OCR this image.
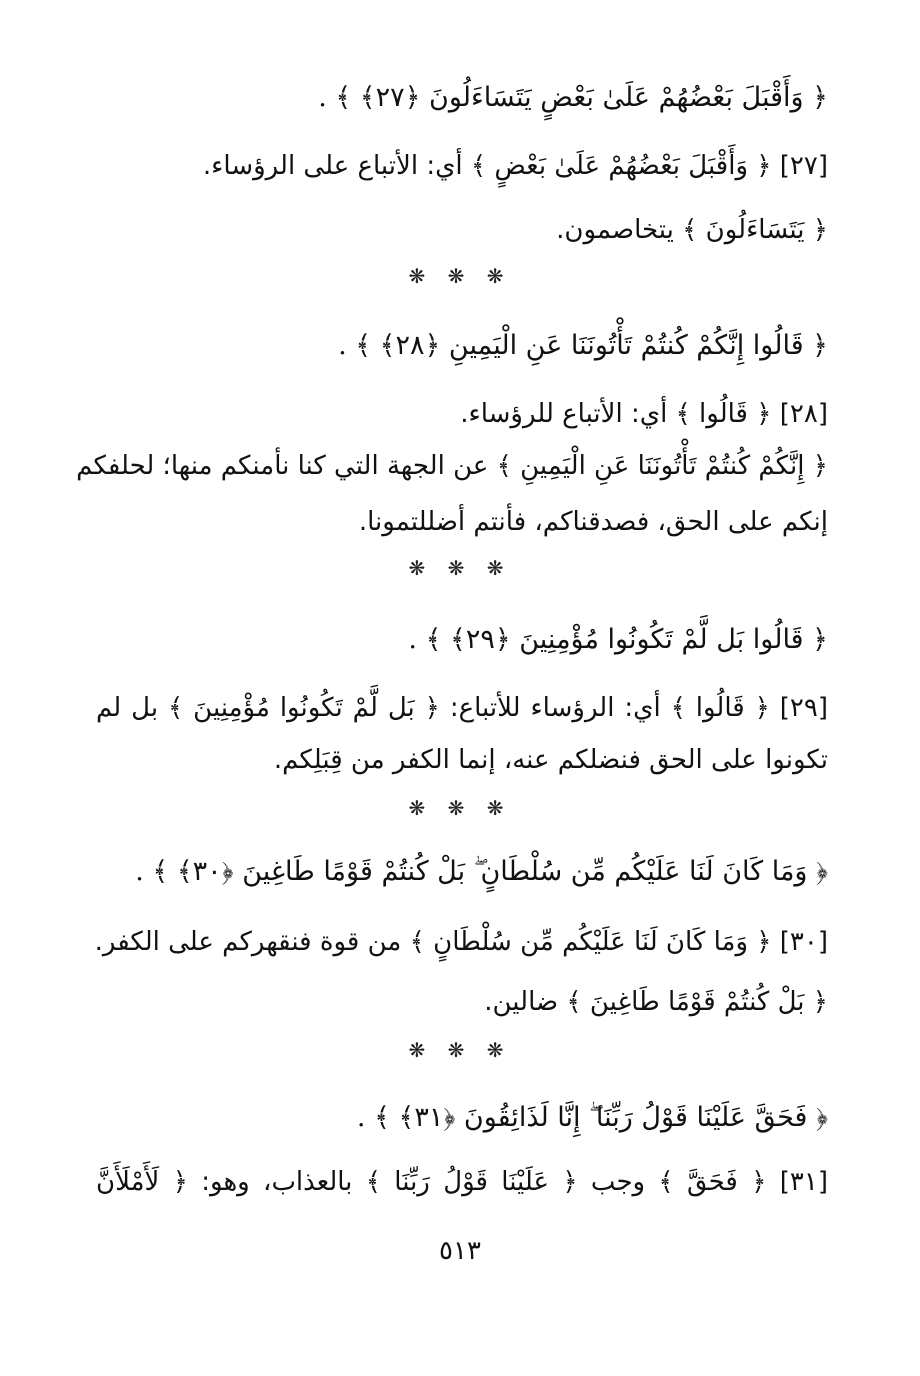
﴿ وَأَقْبَلَ بَعْضُهُمْ عَلَىٰ بَعْضٍ يَتَسَاءَلُونَ ﴿٢٧﴾ ﴾ .
[٢٧] ﴿ وَأَقْبَلَ بَعْضُهُمْ عَلَىٰ بَعْضٍ ﴾ أي: الأتباع على الرؤساء.
﴿ يَتَسَاءَلُونَ ﴾ يتخاصمون.
❋ ❋ ❋
﴿ قَالُوا إِنَّكُمْ كُنتُمْ تَأْتُونَنَا عَنِ الْيَمِينِ ﴿٢٨﴾ ﴾ .
[٢٨] ﴿ قَالُوا ﴾ أي: الأتباع للرؤساء.
﴿ إِنَّكُمْ كُنتُمْ تَأْتُونَنَا عَنِ الْيَمِينِ ﴾ عن الجهة التي كنا نأمنكم منها؛ لحلفكم
إنكم على الحق، فصدقناكم، فأنتم أضللتمونا.
❋ ❋ ❋
﴿ قَالُوا بَل لَّمْ تَكُونُوا مُؤْمِنِينَ ﴿٢٩﴾ ﴾ .
[٢٩] ﴿ قَالُوا ﴾ أي: الرؤساء للأتباع: ﴿ بَل لَّمْ تَكُونُوا مُؤْمِنِينَ ﴾ بل لم
تكونوا على الحق فنضلكم عنه، إنما الكفر من قِبَلِكم.
❋ ❋ ❋
﴿ وَمَا كَانَ لَنَا عَلَيْكُم مِّن سُلْطَانٍ ۖ بَلْ كُنتُمْ قَوْمًا طَاغِينَ ﴿٣٠﴾ ﴾ .
[٣٠] ﴿ وَمَا كَانَ لَنَا عَلَيْكُم مِّن سُلْطَانٍ ﴾ من قوة فنقهركم على الكفر.
﴿ بَلْ كُنتُمْ قَوْمًا طَاغِينَ ﴾ ضالين.
❋ ❋ ❋
﴿ فَحَقَّ عَلَيْنَا قَوْلُ رَبِّنَا ۖ إِنَّا لَذَائِقُونَ ﴿٣١﴾ ﴾ .
[٣١] ﴿ فَحَقَّ ﴾ وجب ﴿ عَلَيْنَا قَوْلُ رَبِّنَا ﴾ بالعذاب، وهو: ﴿ لَأَمْلَأَنَّ
٥١٣
